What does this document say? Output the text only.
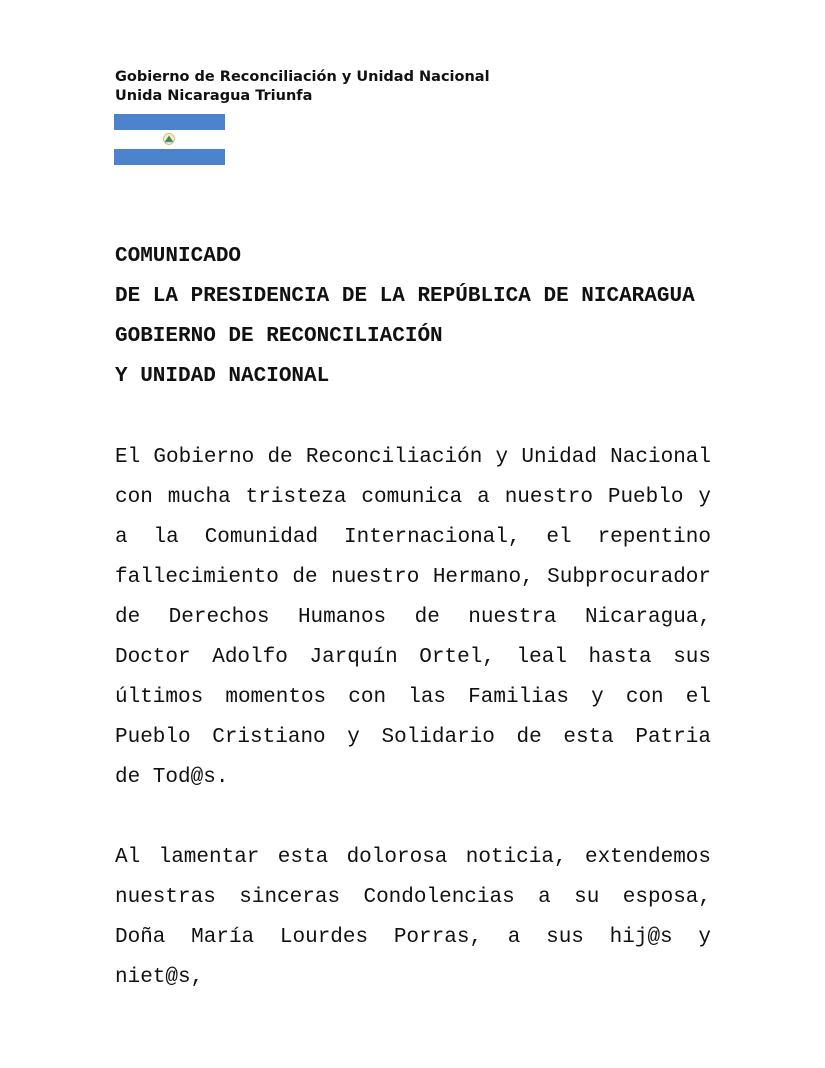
Gobierno de Reconciliación y Unidad Nacional
Unida Nicaragua Triunfa
COMUNICADO
DE LA PRESIDENCIA DE LA REPÚBLICA DE NICARAGUA
GOBIERNO DE RECONCILIACIÓN
Y UNIDAD NACIONAL
El Gobierno de Reconciliación y Unidad Nacional
con mucha tristeza comunica a nuestro Pueblo y
a la Comunidad Internacional, el repentino
fallecimiento de nuestro Hermano, Subprocurador
de Derechos Humanos de nuestra Nicaragua,
Doctor Adolfo Jarquín Ortel, leal hasta sus
últimos momentos con las Familias y con el
Pueblo Cristiano y Solidario de esta Patria
de Tod@s.
Al lamentar esta dolorosa noticia, extendemos
nuestras sinceras Condolencias a su esposa,
Doña María Lourdes Porras, a sus hij@s y niet@s,
